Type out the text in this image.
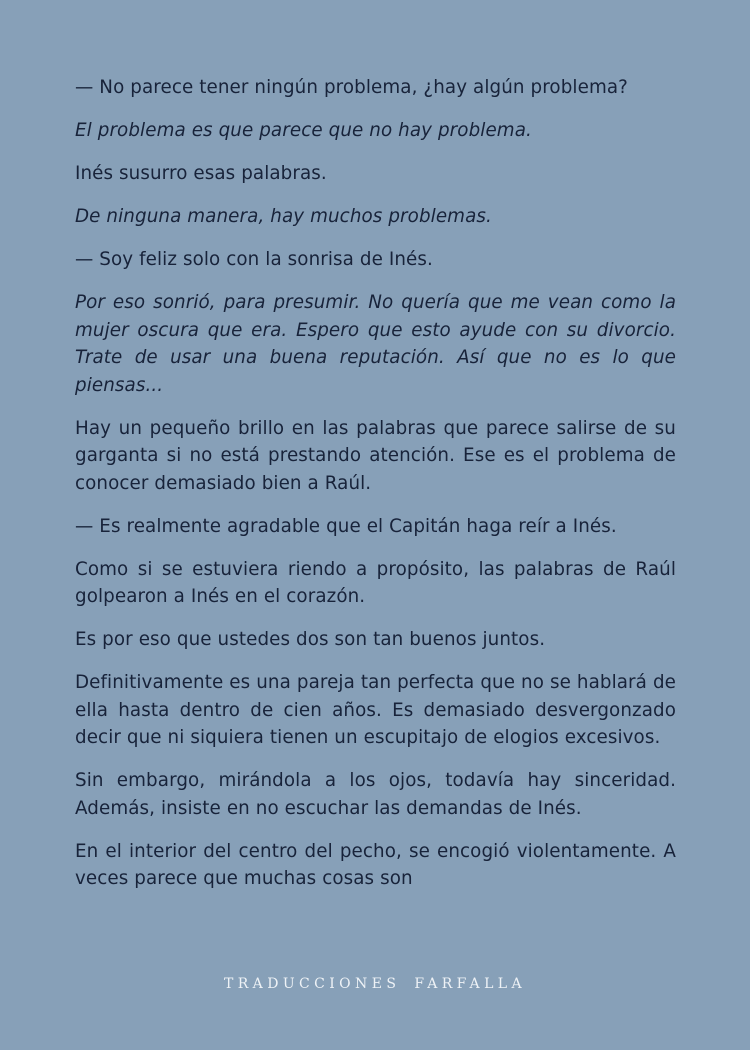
— No parece tener ningún problema, ¿hay algún problema?

El problema es que parece que no hay problema.

Inés susurro esas palabras.

De ninguna manera, hay muchos problemas.

— Soy feliz solo con la sonrisa de Inés.

Por eso sonrió, para presumir. No quería que me vean como la mujer oscura que era. Espero que esto ayude con su divorcio. Trate de usar una buena reputación. Así que no es lo que piensas...

Hay un pequeño brillo en las palabras que parece salirse de su garganta si no está prestando atención. Ese es el problema de conocer demasiado bien a Raúl.

— Es realmente agradable que el Capitán haga reír a Inés.

Como si se estuviera riendo a propósito, las palabras de Raúl golpearon a Inés en el corazón.

Es por eso que ustedes dos son tan buenos juntos.

Definitivamente es una pareja tan perfecta que no se hablará de ella hasta dentro de cien años. Es demasiado desvergonzado decir que ni siquiera tienen un escupitajo de elogios excesivos.

Sin embargo, mirándola a los ojos, todavía hay sinceridad. Además, insiste en no escuchar las demandas de Inés.

En el interior del centro del pecho, se encogió violentamente. A veces parece que muchas cosas son

TRADUCCIONES FARFALLA
